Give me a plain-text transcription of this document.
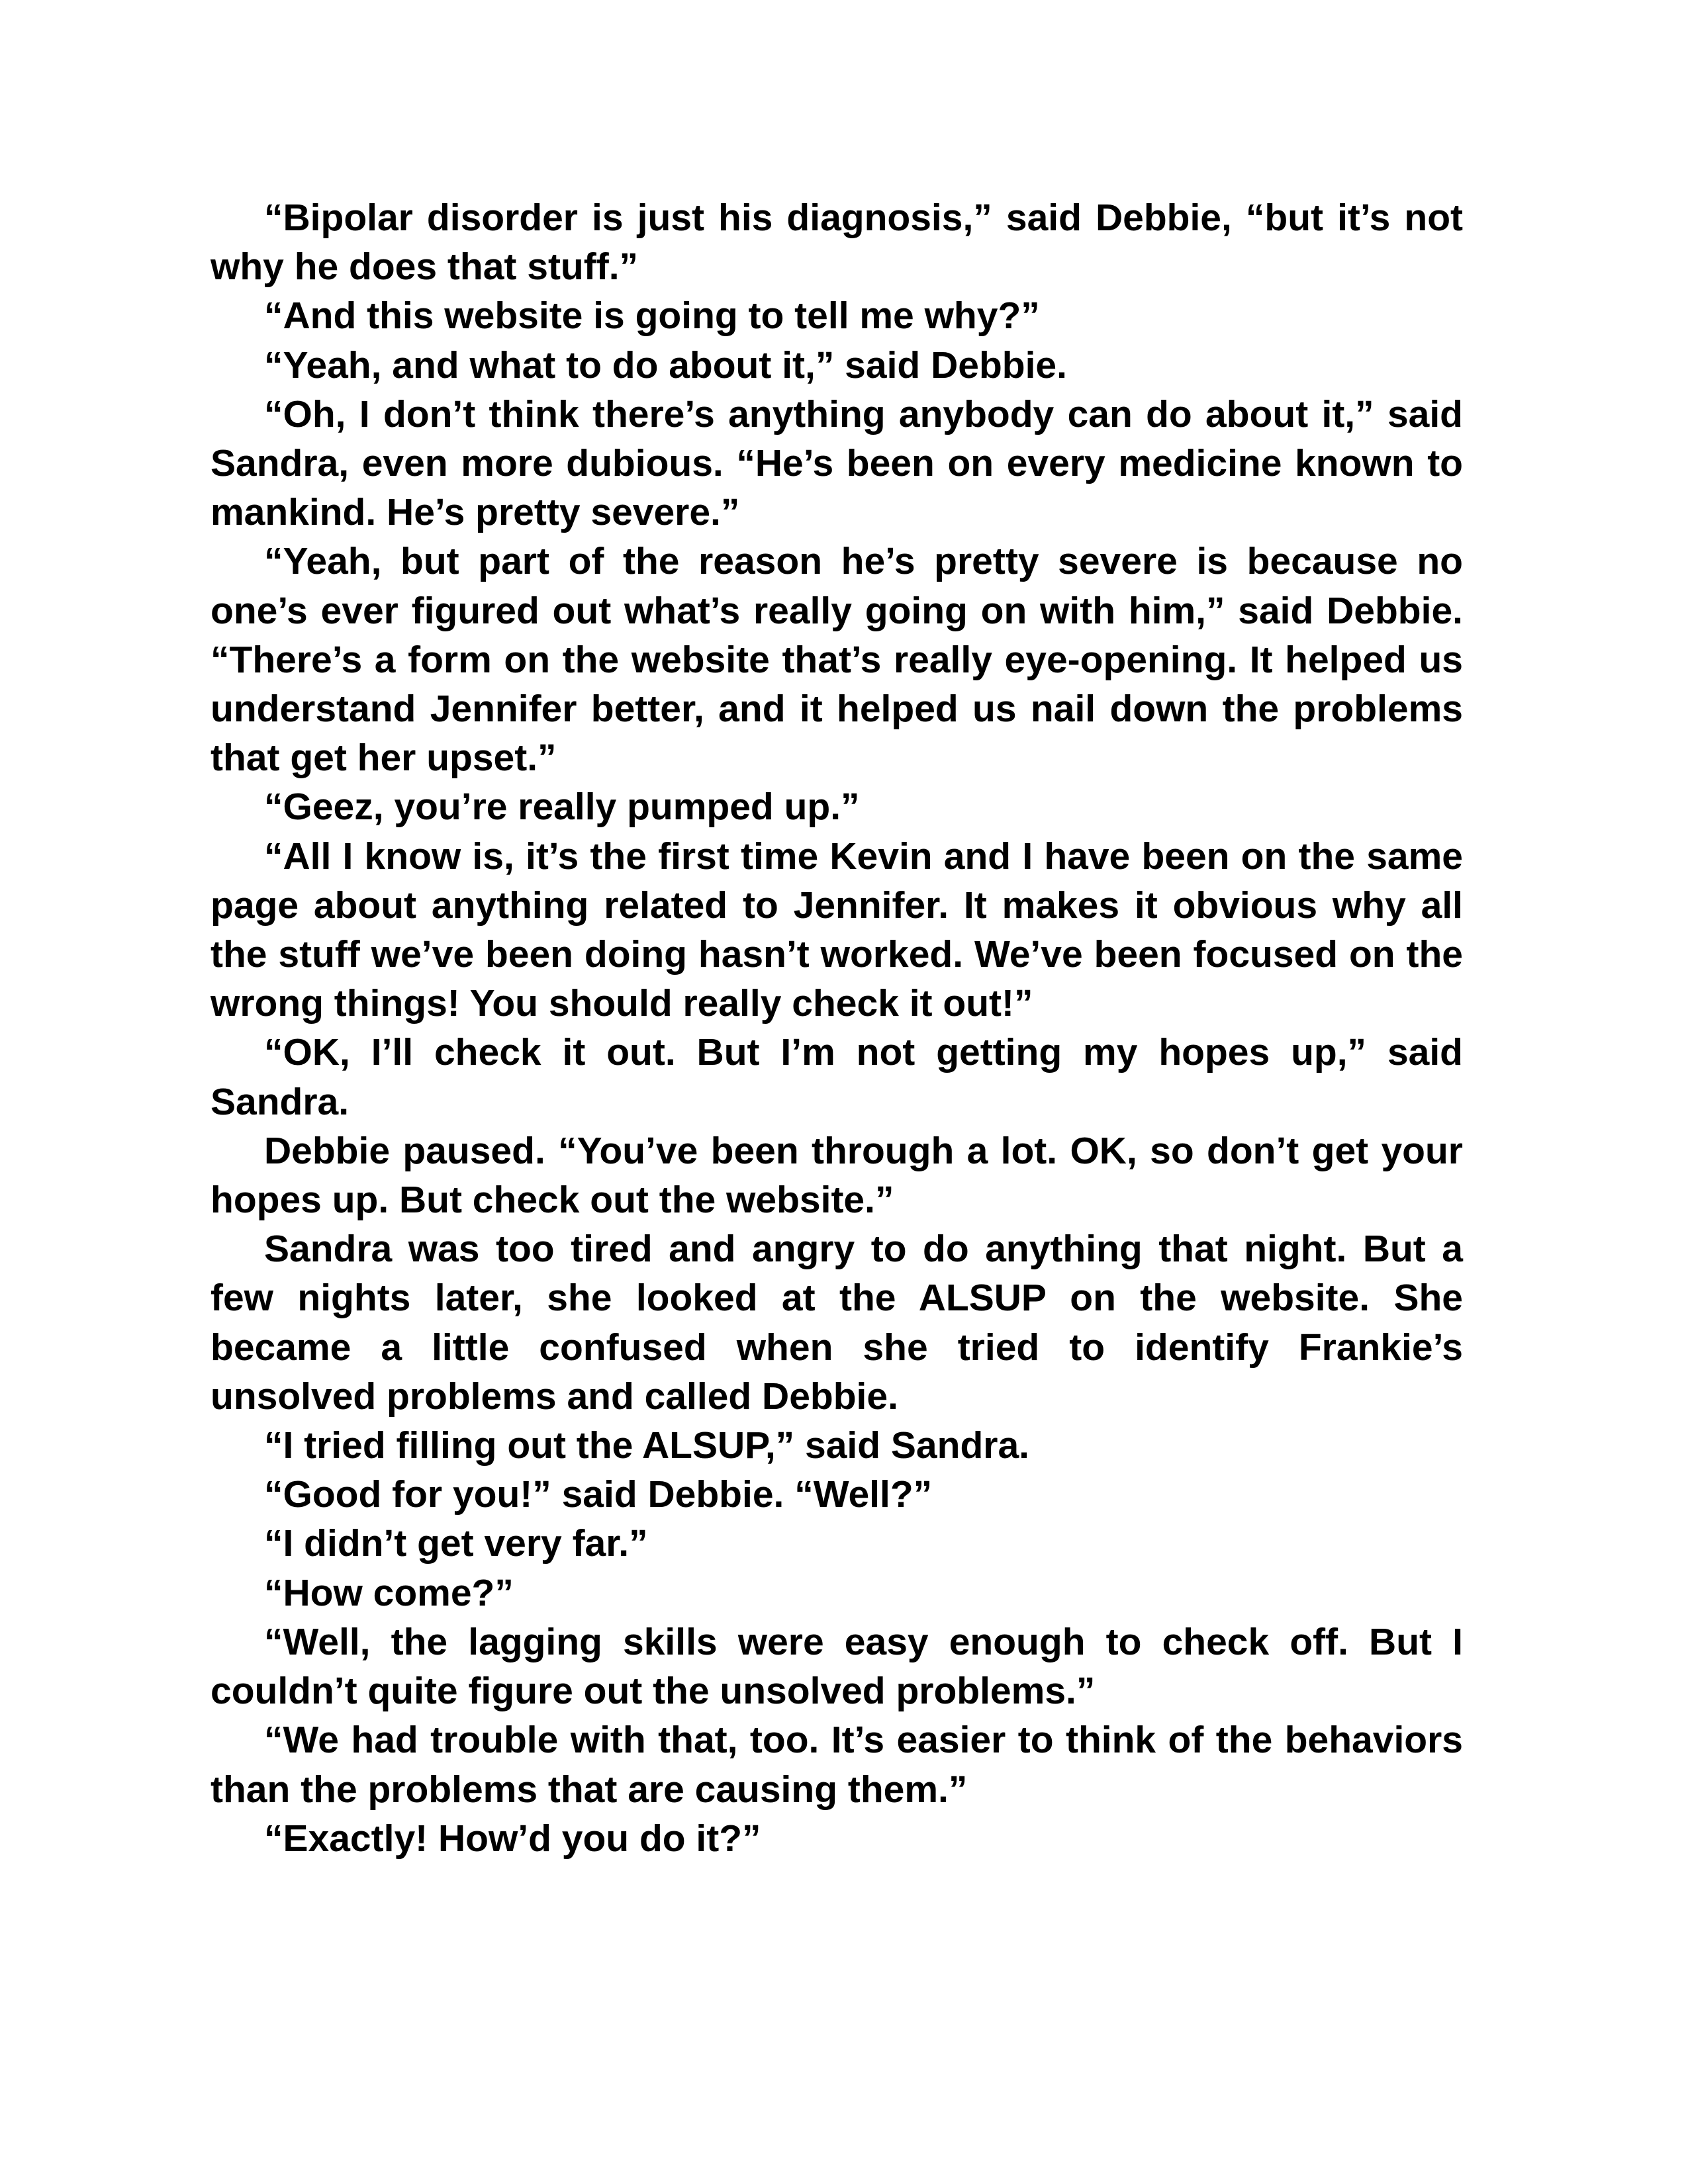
“Bipolar disorder is just his diagnosis,” said Debbie, “but it’s not why he does that stuff.”

“And this website is going to tell me why?”

“Yeah, and what to do about it,” said Debbie.

“Oh, I don’t think there’s anything anybody can do about it,” said Sandra, even more dubious. “He’s been on every medicine known to mankind. He’s pretty severe.”

“Yeah, but part of the reason he’s pretty severe is because no one’s ever figured out what’s really going on with him,” said Debbie. “There’s a form on the website that’s really eye-opening. It helped us understand Jennifer better, and it helped us nail down the problems that get her upset.”

“Geez, you’re really pumped up.”

“All I know is, it’s the first time Kevin and I have been on the same page about anything related to Jennifer. It makes it obvious why all the stuff we’ve been doing hasn’t worked. We’ve been focused on the wrong things! You should really check it out!”

“OK, I’ll check it out. But I’m not getting my hopes up,” said Sandra.

Debbie paused. “You’ve been through a lot. OK, so don’t get your hopes up. But check out the website.”

Sandra was too tired and angry to do anything that night. But a few nights later, she looked at the ALSUP on the website. She became a little confused when she tried to identify Frankie’s unsolved problems and called Debbie.

“I tried filling out the ALSUP,” said Sandra.

“Good for you!” said Debbie. “Well?”

“I didn’t get very far.”

“How come?”

“Well, the lagging skills were easy enough to check off. But I couldn’t quite figure out the unsolved problems.”

“We had trouble with that, too. It’s easier to think of the behaviors than the problems that are causing them.”

“Exactly! How’d you do it?”
